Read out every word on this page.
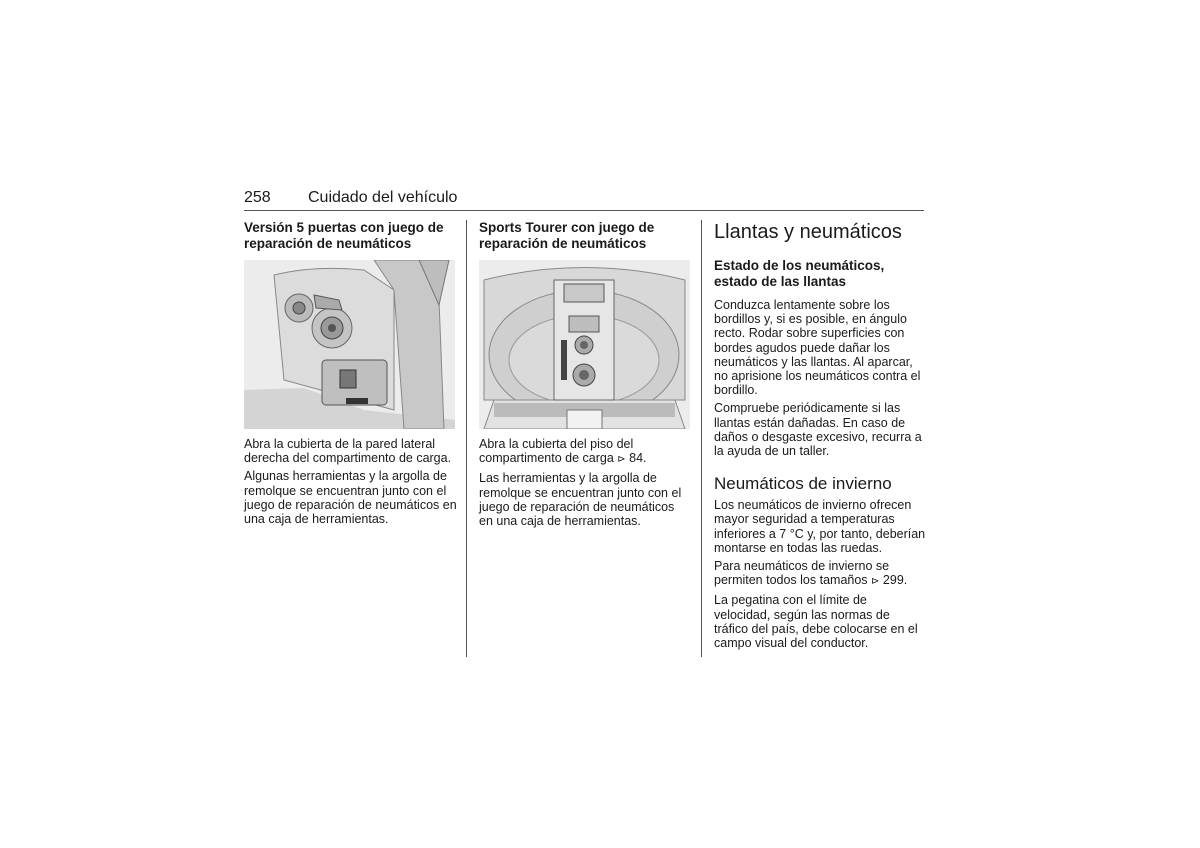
258 Cuidado del vehículo
Versión 5 puertas con juego de reparación de neumáticos

Abra la cubierta de la pared lateral derecha del compartimento de carga.

Algunas herramientas y la argolla de remolque se encuentran junto con el juego de reparación de neumáticos en una caja de herramientas.

Sports Tourer con juego de reparación de neumáticos

Abra la cubierta del piso del compartimento de carga ⊳ 84.

Las herramientas y la argolla de remolque se encuentran junto con el juego de reparación de neumáticos en una caja de herramientas.

Llantas y neumáticos
Estado de los neumáticos, estado de las llantas

Conduzca lentamente sobre los bordillos y, si es posible, en ángulo recto. Rodar sobre superficies con bordes agudos puede dañar los neumáticos y las llantas. Al aparcar, no aprisione los neumáticos contra el bordillo.

Compruebe periódicamente si las llantas están dañadas. En caso de daños o desgaste excesivo, recurra a la ayuda de un taller.

Neumáticos de invierno

Los neumáticos de invierno ofrecen mayor seguridad a temperaturas inferiores a 7 °C y, por tanto, deberían montarse en todas las ruedas.

Para neumáticos de invierno se permiten todos los tamaños ⊳ 299.

La pegatina con el límite de velocidad, según las normas de tráfico del país, debe colocarse en el campo visual del conductor.
